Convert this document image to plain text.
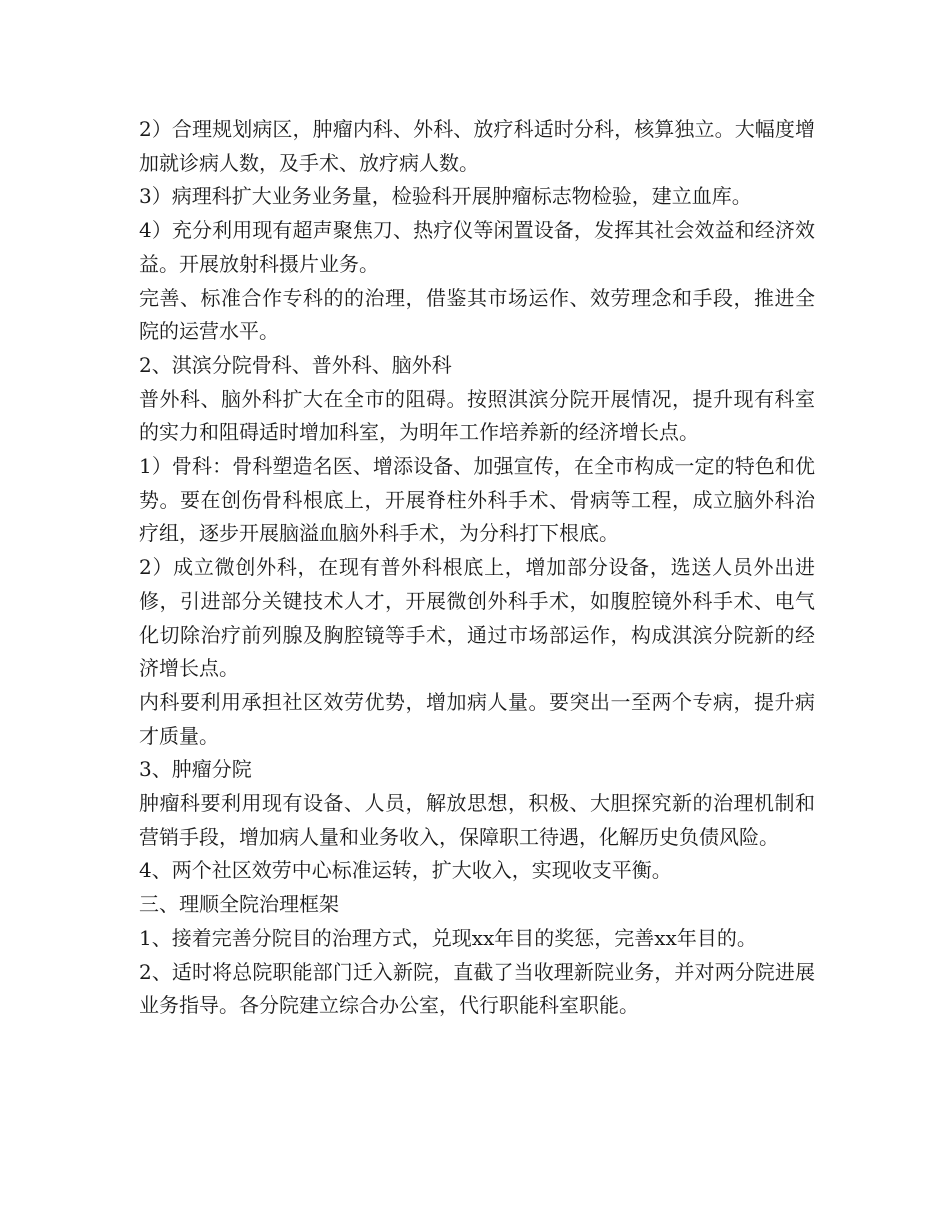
2）合理规划病区，肿瘤内科、外科、放疗科适时分科，核算独立。大幅度增加就诊病人数，及手术、放疗病人数。

3）病理科扩大业务业务量，检验科开展肿瘤标志物检验，建立血库。

4）充分利用现有超声聚焦刀、热疗仪等闲置设备，发挥其社会效益和经济效益。开展放射科摄片业务。

完善、标准合作专科的的治理，借鉴其市场运作、效劳理念和手段，推进全院的运营水平。

2、淇滨分院骨科、普外科、脑外科

普外科、脑外科扩大在全市的阻碍。按照淇滨分院开展情况，提升现有科室的实力和阻碍适时增加科室，为明年工作培养新的经济增长点。

1）骨科：骨科塑造名医、增添设备、加强宣传，在全市构成一定的特色和优势。要在创伤骨科根底上，开展脊柱外科手术、骨病等工程，成立脑外科治疗组，逐步开展脑溢血脑外科手术，为分科打下根底。

2）成立微创外科，在现有普外科根底上，增加部分设备，选送人员外出进修，引进部分关键技术人才，开展微创外科手术，如腹腔镜外科手术、电气化切除治疗前列腺及胸腔镜等手术，通过市场部运作，构成淇滨分院新的经济增长点。

内科要利用承担社区效劳优势，增加病人量。要突出一至两个专病，提升病才质量。

3、肿瘤分院

肿瘤科要利用现有设备、人员，解放思想，积极、大胆探究新的治理机制和营销手段，增加病人量和业务收入，保障职工待遇，化解历史负债风险。

4、两个社区效劳中心标准运转，扩大收入，实现收支平衡。

三、理顺全院治理框架

1、接着完善分院目的治理方式，兑现xx年目的奖惩，完善xx年目的。

2、适时将总院职能部门迁入新院，直截了当收理新院业务，并对两分院进展业务指导。各分院建立综合办公室，代行职能科室职能。
